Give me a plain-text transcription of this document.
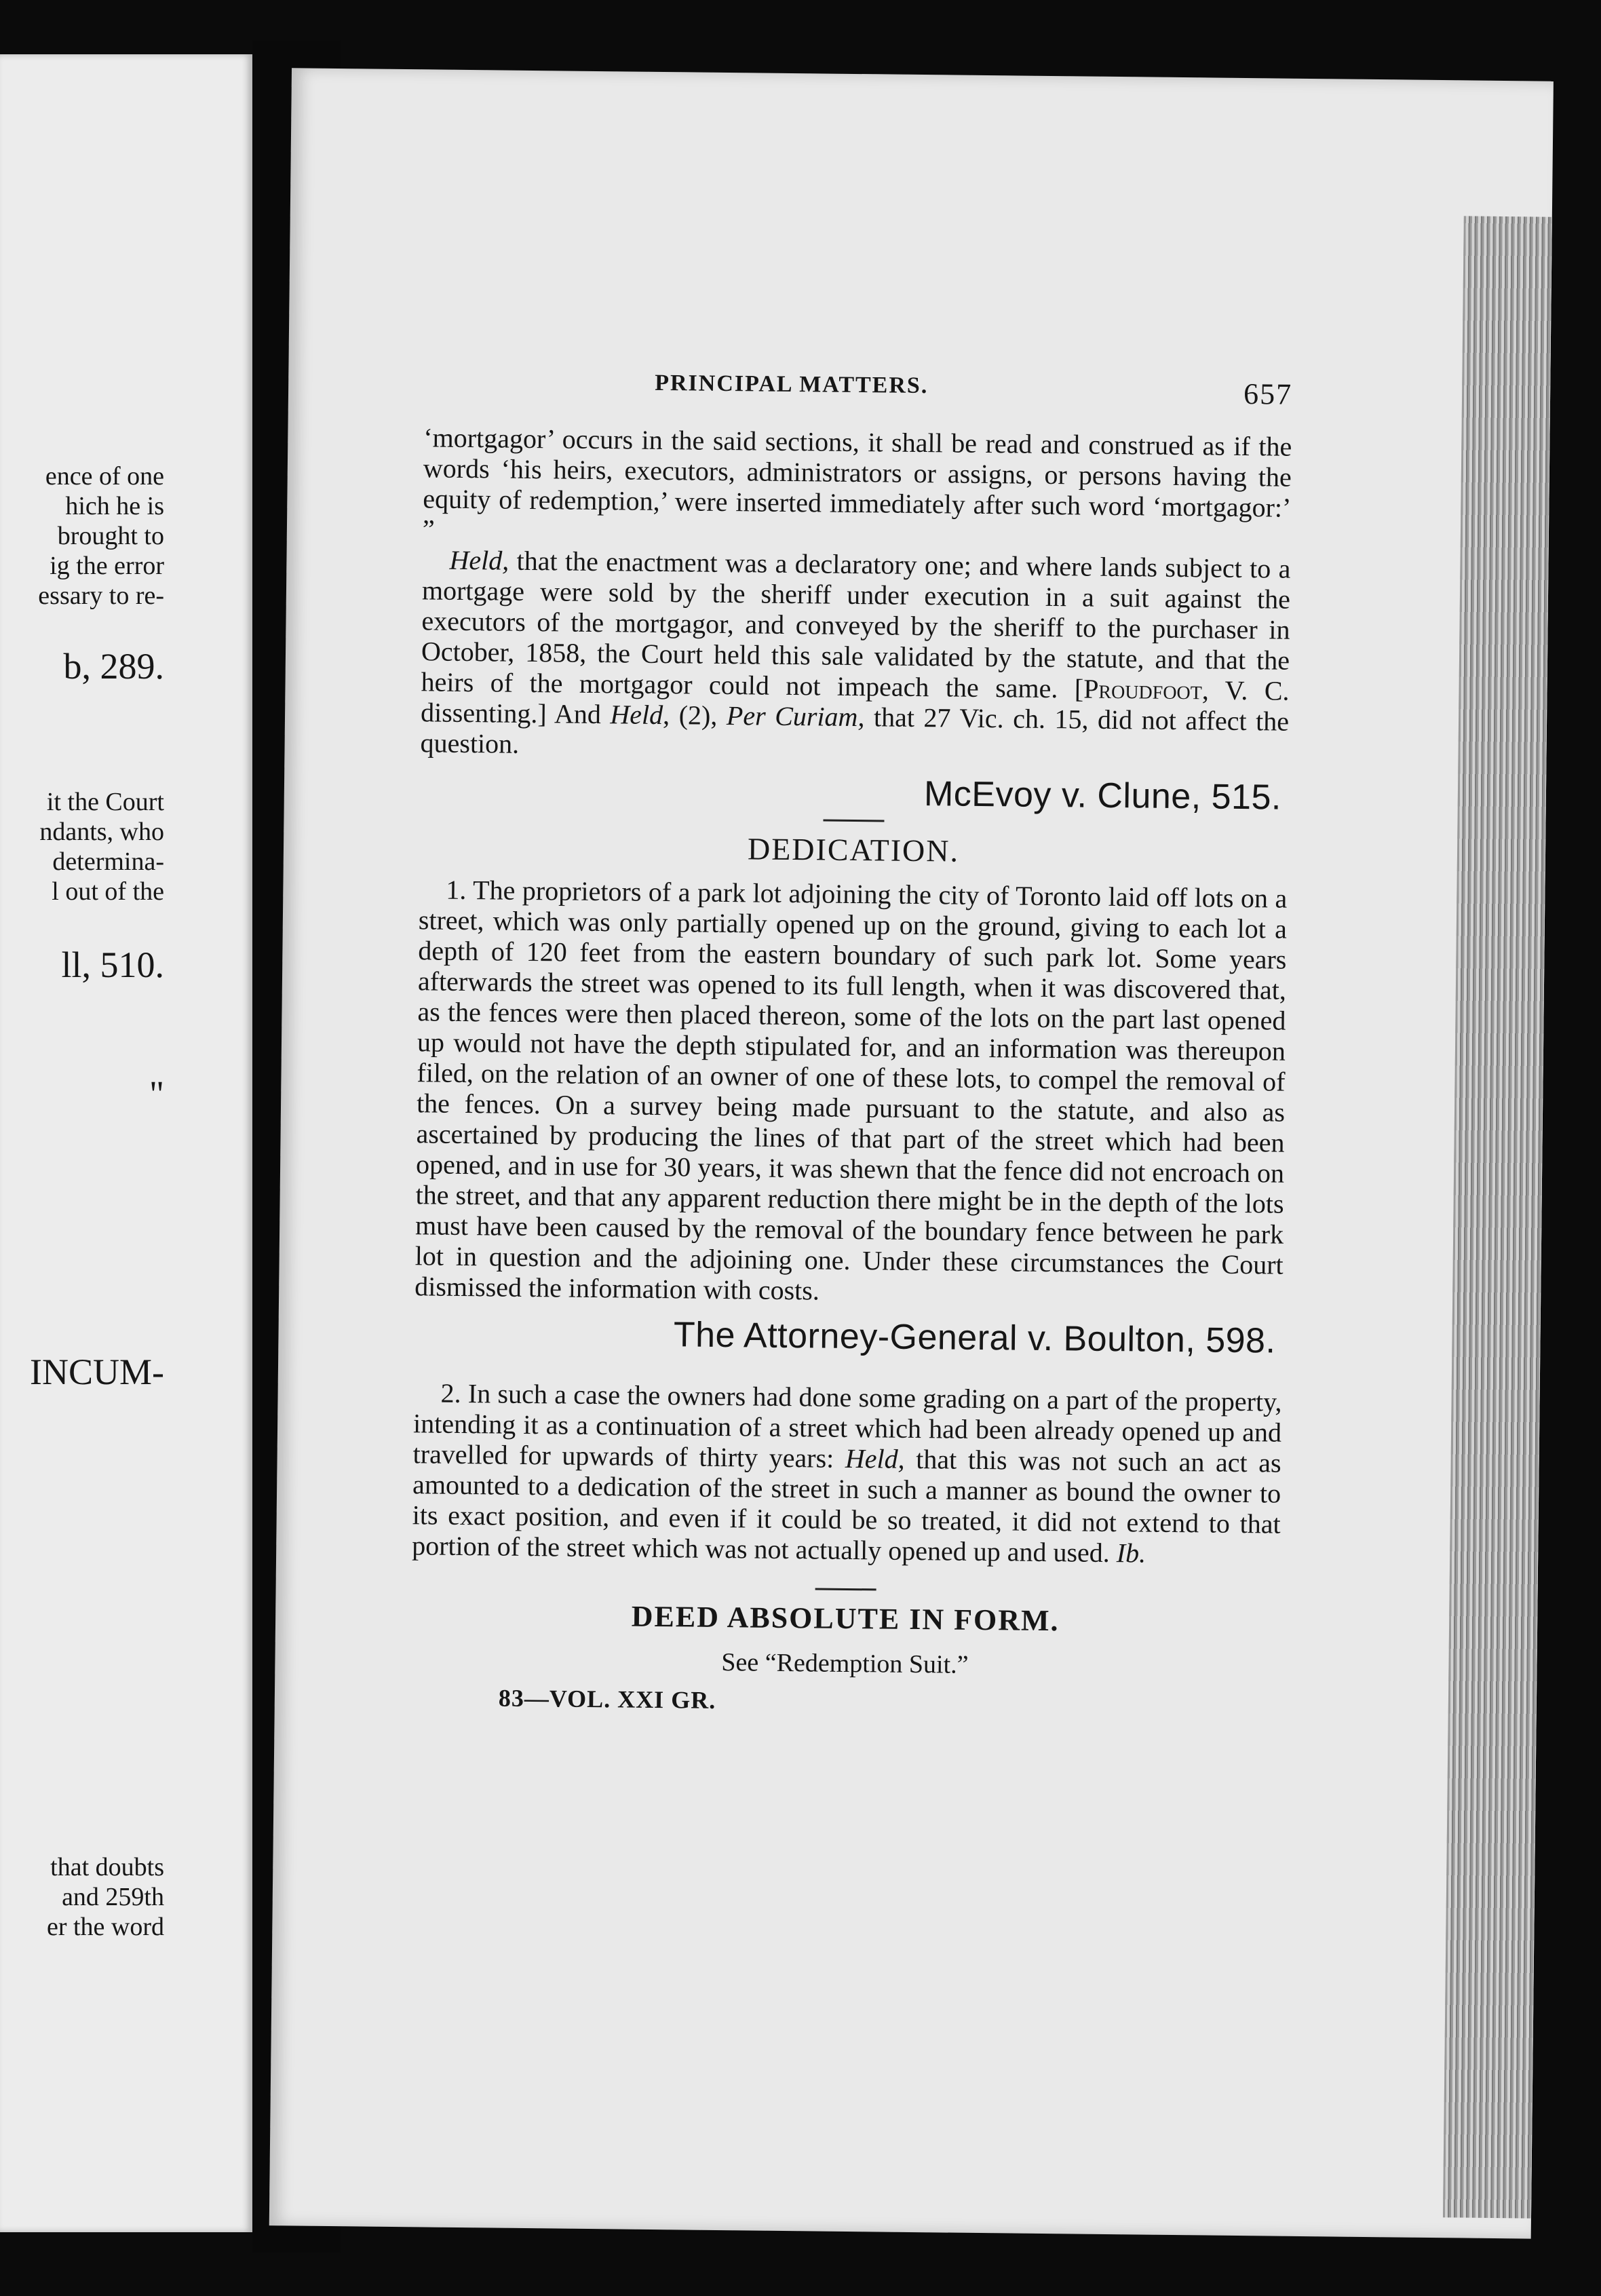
ence of one
hich he is
brought to
ig the error
essary to re-
b, 289.
it the Court
ndants, who
determina-
l out of the
ll, 510.
"
INCUM-
that doubts
and 259th
er the word
PRINCIPAL MATTERS.	657

‘mortgagor’ occurs in the said sections, it shall be read and construed as if the words ‘his heirs, executors, administrators or assigns, or persons having the equity of redemption,’ were inserted immediately after such word ‘mortgagor:’ ”

Held, that the enactment was a declaratory one; and where lands subject to a mortgage were sold by the sheriff under execution in a suit against the executors of the mortgagor, and conveyed by the sheriff to the purchaser in October, 1858, the Court held this sale validated by the statute, and that the heirs of the mortgagor could not impeach the same. [Proudfoot, V. C. dissenting.] And Held, (2), Per Curiam, that 27 Vic. ch. 15, did not affect the question.

McEvoy v. Clune, 515.
DEDICATION.

1. The proprietors of a park lot adjoining the city of Toronto laid off lots on a street, which was only partially opened up on the ground, giving to each lot a depth of 120 feet from the eastern boundary of such park lot. Some years afterwards the street was opened to its full length, when it was discovered that, as the fences were then placed thereon, some of the lots on the part last opened up would not have the depth stipulated for, and an information was thereupon filed, on the relation of an owner of one of these lots, to compel the removal of the fences. On a survey being made pursuant to the statute, and also as ascertained by producing the lines of that part of the street which had been opened, and in use for 30 years, it was shewn that the fence did not encroach on the street, and that any apparent reduction there might be in the depth of the lots must have been caused by the removal of the boundary fence between he park lot in question and the adjoining one. Under these circumstances the Court dismissed the information with costs.

The Attorney-General v. Boulton, 598.

2. In such a case the owners had done some grading on a part of the property, intending it as a continuation of a street which had been already opened up and travelled for upwards of thirty years: Held, that this was not such an act as amounted to a dedication of the street in such a manner as bound the owner to its exact position, and even if it could be so treated, it did not extend to that portion of the street which was not actually opened up and used. Ib.

DEED ABSOLUTE IN FORM.
See “Redemption Suit.”
83—VOL. XXI GR.
